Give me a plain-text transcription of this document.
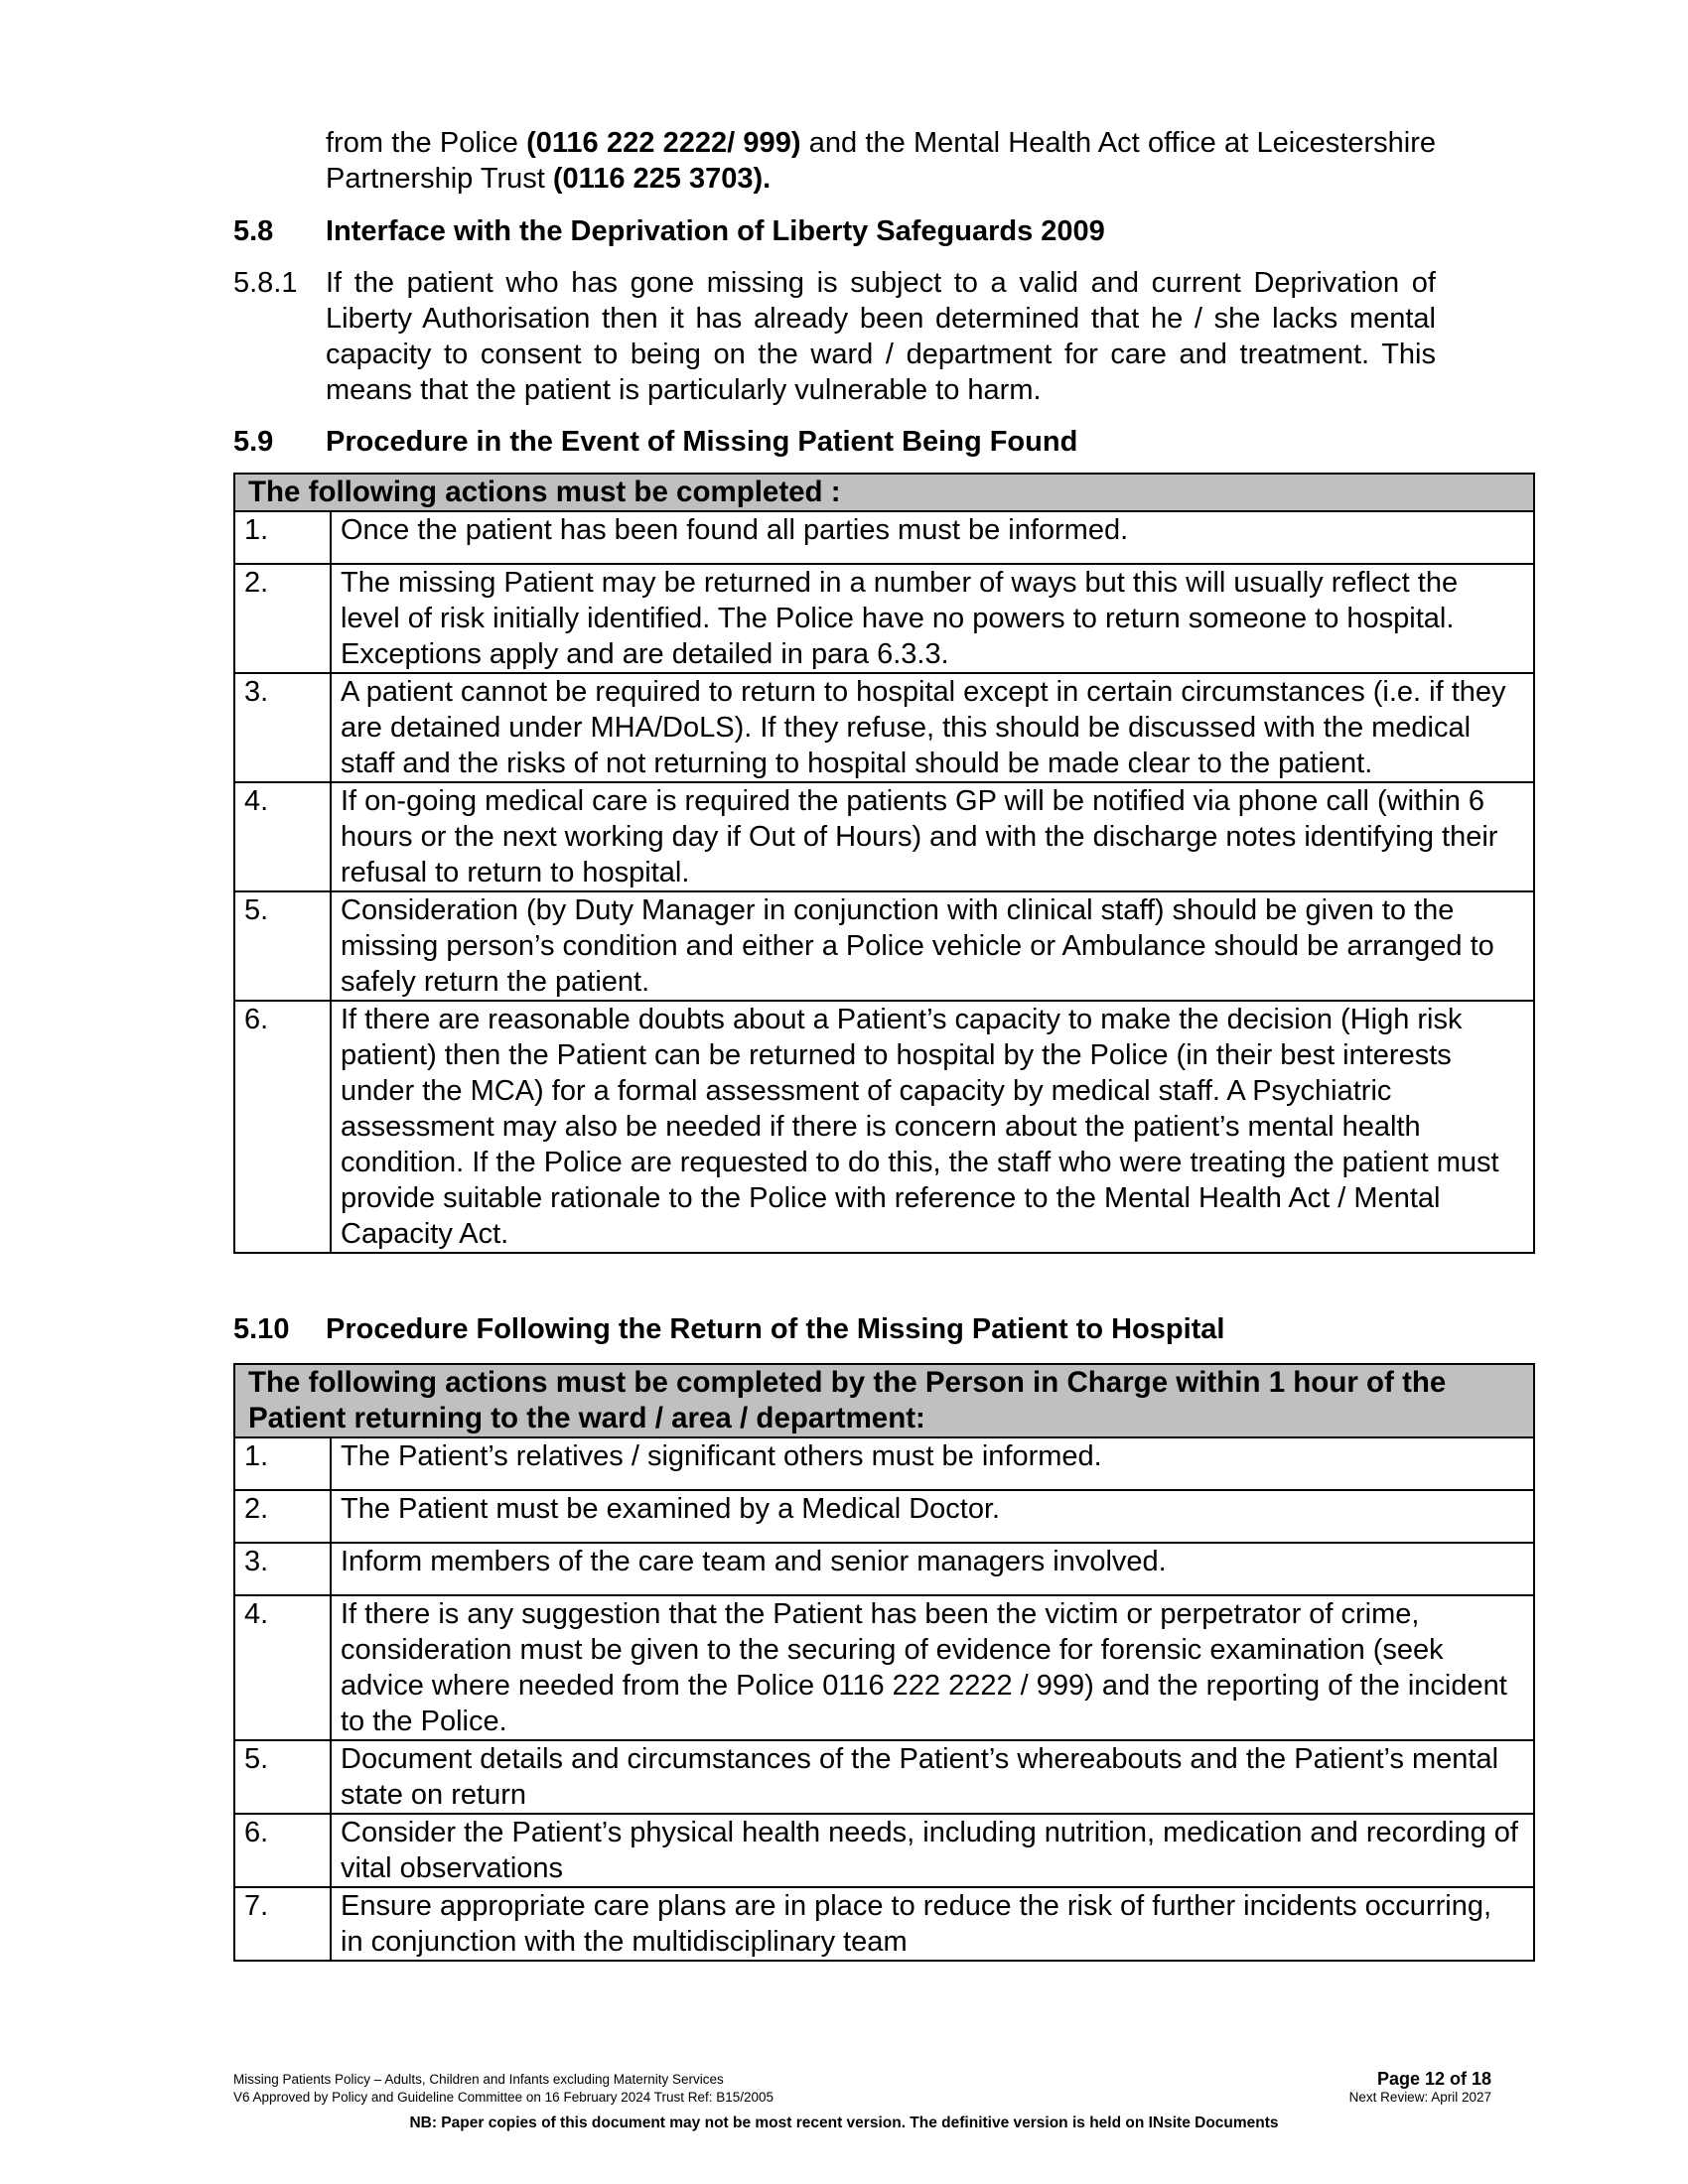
from the Police (0116 222 2222/ 999) and the Mental Health Act office at Leicestershire Partnership Trust (0116 225 3703).
5.8 Interface with the Deprivation of Liberty Safeguards 2009
5.8.1 If the patient who has gone missing is subject to a valid and current Deprivation of Liberty Authorisation then it has already been determined that he / she lacks mental capacity to consent to being on the ward / department for care and treatment. This means that the patient is particularly vulnerable to harm.
5.9 Procedure in the Event of Missing Patient Being Found
The following actions must be completed :	
1.	Once the patient has been found all parties must be informed.
2.	The missing Patient may be returned in a number of ways but this will usually reflect the level of risk initially identified. The Police have no powers to return someone to hospital. Exceptions apply and are detailed in para 6.3.3.
3.	A patient cannot be required to return to hospital except in certain circumstances (i.e. if they are detained under MHA/DoLS). If they refuse, this should be discussed with the medical staff and the risks of not returning to hospital should be made clear to the patient.
4.	If on-going medical care is required the patients GP will be notified via phone call (within 6 hours or the next working day if Out of Hours) and with the discharge notes identifying their refusal to return to hospital.
5.	Consideration (by Duty Manager in conjunction with clinical staff) should be given to the missing person’s condition and either a Police vehicle or Ambulance should be arranged to safely return the patient.
6.	If there are reasonable doubts about a Patient’s capacity to make the decision (High risk patient) then the Patient can be returned to hospital by the Police (in their best interests under the MCA) for a formal assessment of capacity by medical staff. A Psychiatric assessment may also be needed if there is concern about the patient’s mental health condition. If the Police are requested to do this, the staff who were treating the patient must provide suitable rationale to the Police with reference to the Mental Health Act / Mental Capacity Act.
5.10 Procedure Following the Return of the Missing Patient to Hospital
The following actions must be completed by the Person in Charge within 1 hour of the Patient returning to the ward / area / department:	
1.	The Patient’s relatives / significant others must be informed.
2.	The Patient must be examined by a Medical Doctor.
3.	Inform members of the care team and senior managers involved.
4.	If there is any suggestion that the Patient has been the victim or perpetrator of crime, consideration must be given to the securing of evidence for forensic examination (seek advice where needed from the Police 0116 222 2222 / 999) and the reporting of the incident to the Police.
5.	Document details and circumstances of the Patient’s whereabouts and the Patient’s mental state on return
6.	Consider the Patient’s physical health needs, including nutrition, medication and recording of vital observations
7.	Ensure appropriate care plans are in place to reduce the risk of further incidents occurring, in conjunction with the multidisciplinary team
Missing Patients Policy – Adults, Children and Infants excluding Maternity Services
V6 Approved by Policy and Guideline Committee on 16 February 2024 Trust Ref: B15/2005
Page 12 of 18
Next Review: April 2027
NB: Paper copies of this document may not be most recent version. The definitive version is held on INsite Documents
